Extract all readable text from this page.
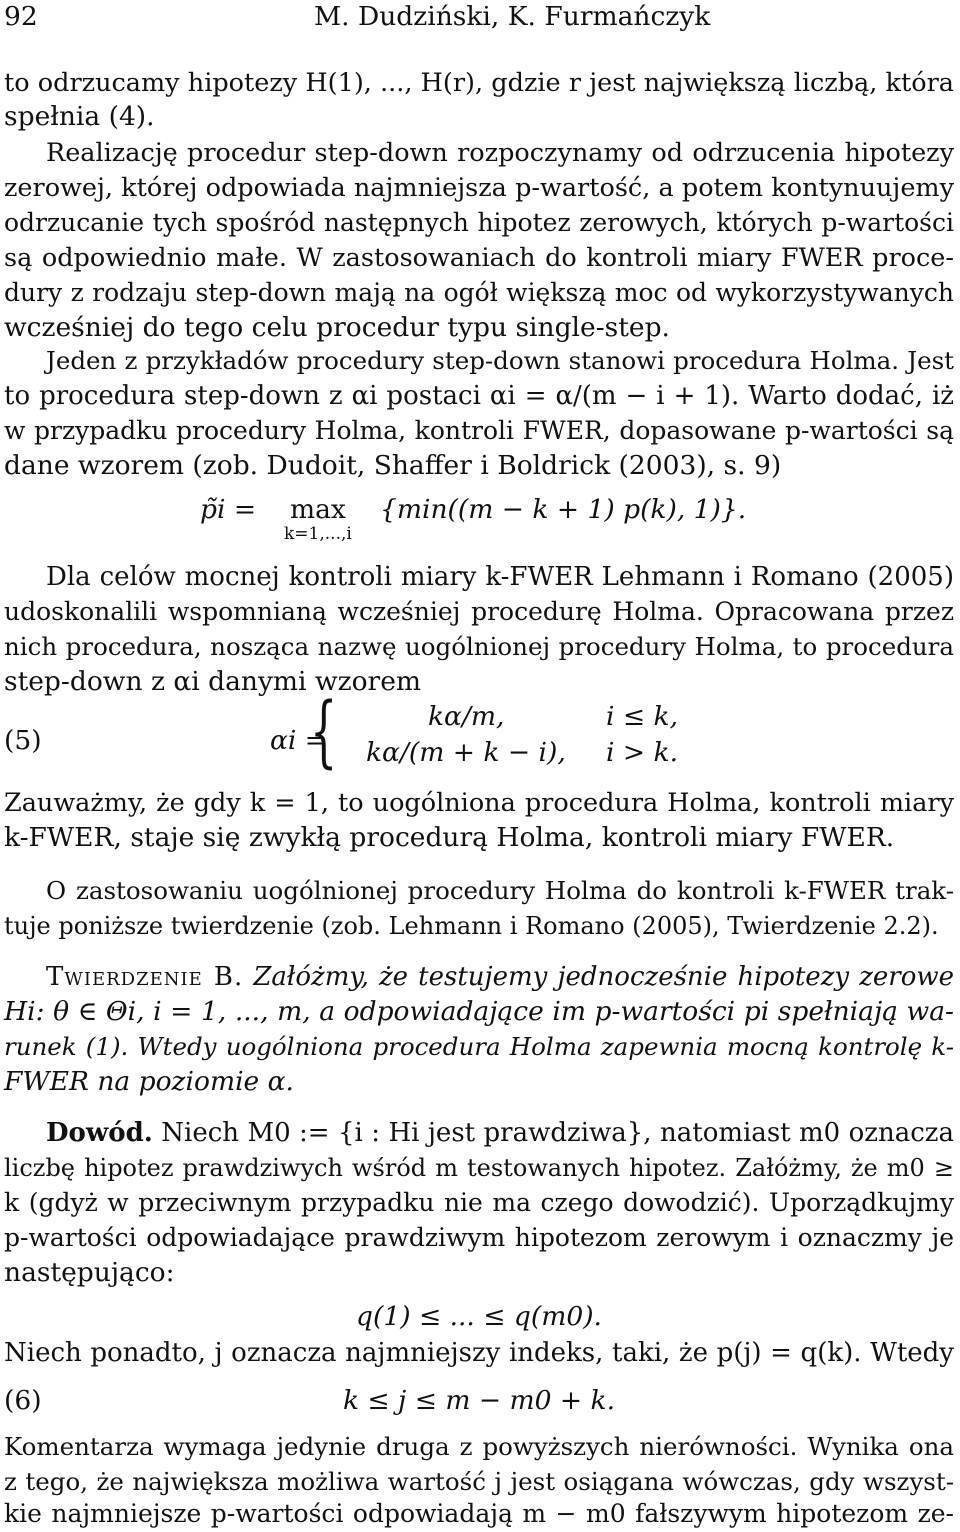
92	M. Dudziński, K. Furmańczyk
to odrzucamy hipotezy H(1), ..., H(r), gdzie r jest największą liczbą, która
spełnia (4).
Realizację procedur step-down rozpoczynamy od odrzucenia hipotezy
zerowej, której odpowiada najmniejsza p-wartość, a potem kontynuujemy
odrzucanie tych spośród następnych hipotez zerowych, których p-wartości
są odpowiednio małe. W zastosowaniach do kontroli miary FWER proce-
dury z rodzaju step-down mają na ogół większą moc od wykorzystywanych
wcześniej do tego celu procedur typu single-step.
Jeden z przykładów procedury step-down stanowi procedura Holma. Jest
to procedura step-down z αi postaci αi = α/(m − i + 1). Warto dodać, iż
w przypadku procedury Holma, kontroli FWER, dopasowane p-wartości są
dane wzorem (zob. Dudoit, Shaffer i Boldrick (2003), s. 9)
p̃i = max
k=1,...,i
{min((m − k + 1) p(k), 1)}.
Dla celów mocnej kontroli miary k-FWER Lehmann i Romano (2005)
udoskonalili wspomnianą wcześniej procedurę Holma. Opracowana przez
nich procedura, nosząca nazwę uogólnionej procedury Holma, to procedura
step-down z αi danymi wzorem
(5)	αi =
{	kα/m,	i ≤ k,
kα/(m + k − i), i > k.
Zauważmy, że gdy k = 1, to uogólniona procedura Holma, kontroli miary
k-FWER, staje się zwykłą procedurą Holma, kontroli miary FWER.
O zastosowaniu uogólnionej procedury Holma do kontroli k-FWER trak-
tuje poniższe twierdzenie (zob. Lehmann i Romano (2005), Twierdzenie 2.2).
Twierdzenie B. Załóżmy, że testujemy jednocześnie hipotezy zerowe
Hi: θ ∈ Θi, i = 1, ..., m, a odpowiadające im p-wartości pi spełniają wa-
runek (1). Wtedy uogólniona procedura Holma zapewnia mocną kontrolę k-
FWER na poziomie α.
Dowód. Niech M0 := {i : Hi jest prawdziwa}, natomiast m0 oznacza
liczbę hipotez prawdziwych wśród m testowanych hipotez. Załóżmy, że m0 ≥
k (gdyż w przeciwnym przypadku nie ma czego dowodzić). Uporządkujmy
p-wartości odpowiadające prawdziwym hipotezom zerowym i oznaczmy je
następująco:
q(1) ≤ ... ≤ q(m0).
Niech ponadto, j oznacza najmniejszy indeks, taki, że p(j) = q(k). Wtedy
(6)	k ≤ j ≤ m − m0 + k.
Komentarza wymaga jedynie druga z powyższych nierówności. Wynika ona
z tego, że największa możliwa wartość j jest osiągana wówczas, gdy wszyst-
kie najmniejsze p-wartości odpowiadają m − m0 fałszywym hipotezom ze-
